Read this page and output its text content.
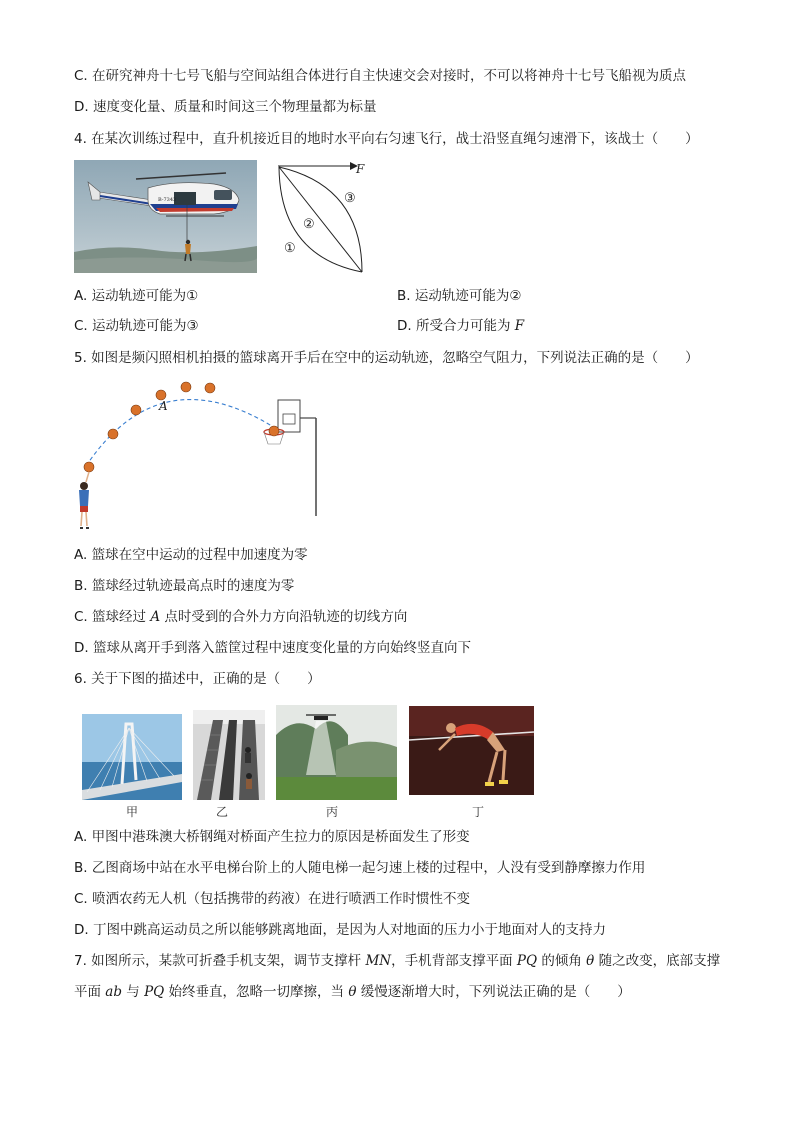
C. 在研究神舟十七号飞船与空间站组合体进行自主快速交会对接时，不可以将神舟十七号飞船视为质点
D. 速度变化量、质量和时间这三个物理量都为标量
4. 在某次训练过程中，直升机接近目的地时水平向右匀速飞行，战士沿竖直绳匀速滑下，该战士（　　）
B-7343
F
①
②
③
A. 运动轨迹可能为①	B. 运动轨迹可能为②
C. 运动轨迹可能为③	D. 所受合力可能为 F
5. 如图是频闪照相机拍摄的篮球离开手后在空中的运动轨迹，忽略空气阻力，下列说法正确的是（　　）
A
A. 篮球在空中运动的过程中加速度为零
B. 篮球经过轨迹最高点时的速度为零
C. 篮球经过 A 点时受到的合外力方向沿轨迹的切线方向
D. 篮球从离开手到落入篮筐过程中速度变化量的方向始终竖直向下
6. 关于下图的描述中，正确的是（　　）
甲	乙	丙	丁
A. 甲图中港珠澳大桥钢绳对桥面产生拉力的原因是桥面发生了形变
B. 乙图商场中站在水平电梯台阶上的人随电梯一起匀速上楼的过程中，人没有受到静摩擦力作用
C. 喷洒农药无人机（包括携带的药液）在进行喷洒工作时惯性不变
D. 丁图中跳高运动员之所以能够跳离地面，是因为人对地面的压力小于地面对人的支持力
7. 如图所示，某款可折叠手机支架，调节支撑杆 MN，手机背部支撑平面 PQ 的倾角 θ 随之改变，底部支撑
平面 ab 与 PQ 始终垂直，忽略一切摩擦，当 θ 缓慢逐渐增大时，下列说法正确的是（　　）
